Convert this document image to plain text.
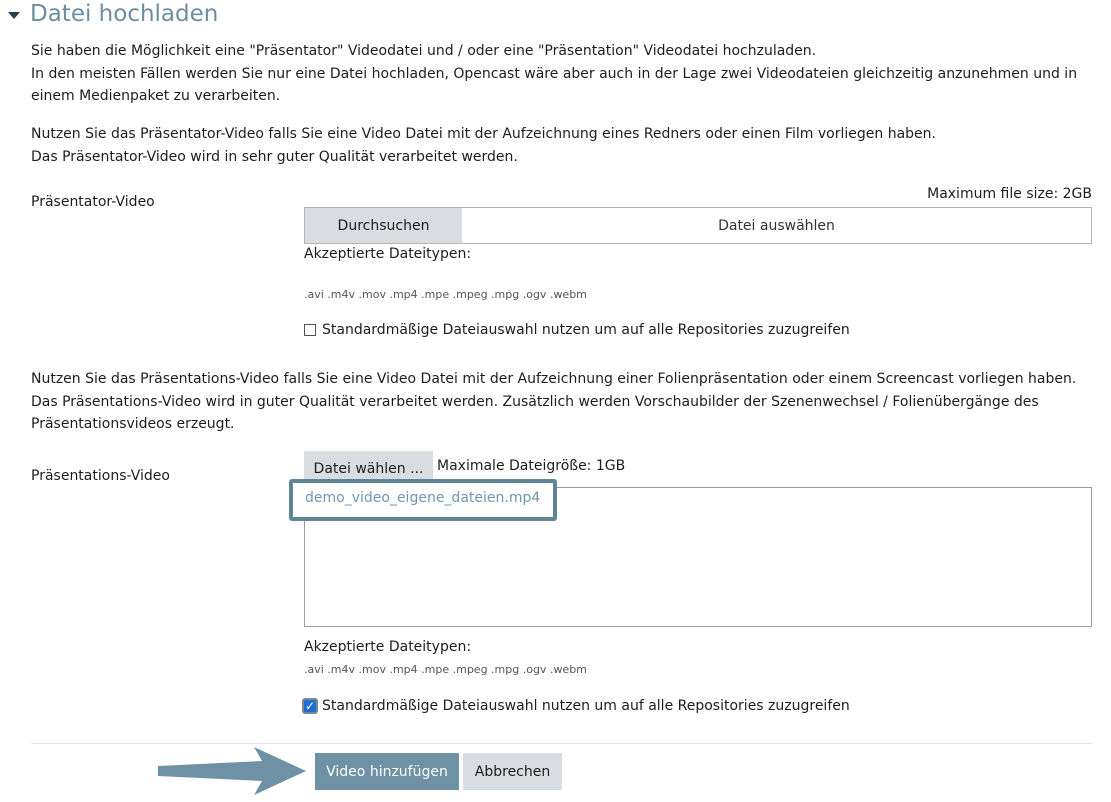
Datei hochladen
Sie haben die Möglichkeit eine "Präsentator" Videodatei und / oder eine "Präsentation" Videodatei hochzuladen.
In den meisten Fällen werden Sie nur eine Datei hochladen, Opencast wäre aber auch in der Lage zwei Videodateien gleichzeitig anzunehmen und in einem Medienpaket zu verarbeiten.
Nutzen Sie das Präsentator-Video falls Sie eine Video Datei mit der Aufzeichnung eines Redners oder einen Film vorliegen haben.
Das Präsentator-Video wird in sehr guter Qualität verarbeitet werden.
Präsentator-Video	Maximum file size: 2GB
Durchsuchen	Datei auswählen
Akzeptierte Dateitypen:
.avi .m4v .mov .mp4 .mpe .mpeg .mpg .ogv .webm
Standardmäßige Dateiauswahl nutzen um auf alle Repositories zuzugreifen
Nutzen Sie das Präsentations-Video falls Sie eine Video Datei mit der Aufzeichnung einer Folienpräsentation oder einem Screencast vorliegen haben.
Das Präsentations-Video wird in guter Qualität verarbeitet werden. Zusätzlich werden Vorschaubilder der Szenenwechsel / Folienübergänge des Präsentationsvideos erzeugt.
Präsentations-Video	Datei wählen ... Maximale Dateigröße: 1GB
demo_video_eigene_dateien.mp4
Akzeptierte Dateitypen:
.avi .m4v .mov .mp4 .mpe .mpeg .mpg .ogv .webm
✓ Standardmäßige Dateiauswahl nutzen um auf alle Repositories zuzugreifen
Video hinzufügen	Abbrechen
